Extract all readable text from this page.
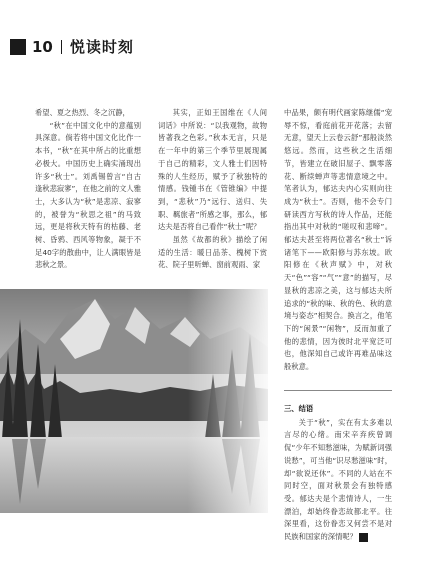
10 悦读时刻

希望、夏之热烈、冬之沉静，

“秋”在中国文化中的意蕴别具深意。倘若将中国文化比作一本书，“秋”在其中所占的比重想必极大。中国历史上确实涌现出许多“秋士”。刘禹锡曾言“自古逢秋悲寂寥”，在他之前的文人雅士，大多认为“秋”是悲凉、寂寥的，被誉为“秋思之祖”的马致远，更是将秋天特有的枯藤、老树、昏鸦、西风等物象，凝于不足40字的散曲中，让人满眼皆是悲秋之景。

其实，正如王国维在《人间词话》中所说：“以我观物，故物皆著我之色彩。”秋本无言，只是在一年中的第三个季节里展现属于自己的精彩，文人雅士们因特殊的人生经历，赋予了秋独特的情感。钱锺书在《管锥编》中提到，“悲秋”乃“远行、送归、失职、羁旅者”所感之事，那么，郁达夫是否将自己看作“秋士”呢？

虽然《故都的秋》描绘了闲适的生活：暖日品茶、槐树下赏花、院子里听蝉、窗前观雨、家

中品果，颇有明代画家陈继儒“宠辱不惊，看庭前花开花落；去留无意，望天上云卷云舒”那般淡然悠远。然而，这些秋之生活细节，皆建立在破旧屋子、飘零落花、断续蝉声等悲情意境之中。笔者认为，郁达夫内心实则向往成为“秋士”。否则，他不会专门研读西方写秋的诗人作品，还能指出其中对秋的“嗟叹和悲啼”。郁达夫甚至将两位著名“秋士”诉诸笔下——欧阳修与苏东坡。欧阳修在《秋声赋》中，对秋天“色”“容”“气”“意”的描写，尽显秋的悲凉之美，这与郁达夫所追求的“秋的味、秋的色、秋的意境与姿态”相契合。换言之，他笔下的“闲景”“闲物”，反而加重了他的悲情，因为彼时北平宽泛可也，他深知自己或许再难品味这般秋意。

三、结语

关于“秋”，实在有太多难以言尽的心绪。南宋辛弃疾曾调侃“少年不知愁滋味，为赋新词强说愁”，可当他“识尽愁滋味”时，却“欲说还休”。不同的人站在不同时空，面对秋景会有独特感受。郁达夫是个悲情诗人，一生漂泊，却始终眷恋故都北平。往深里看，这份眷恋又何尝不是对民族和国家的深情呢？ 文
